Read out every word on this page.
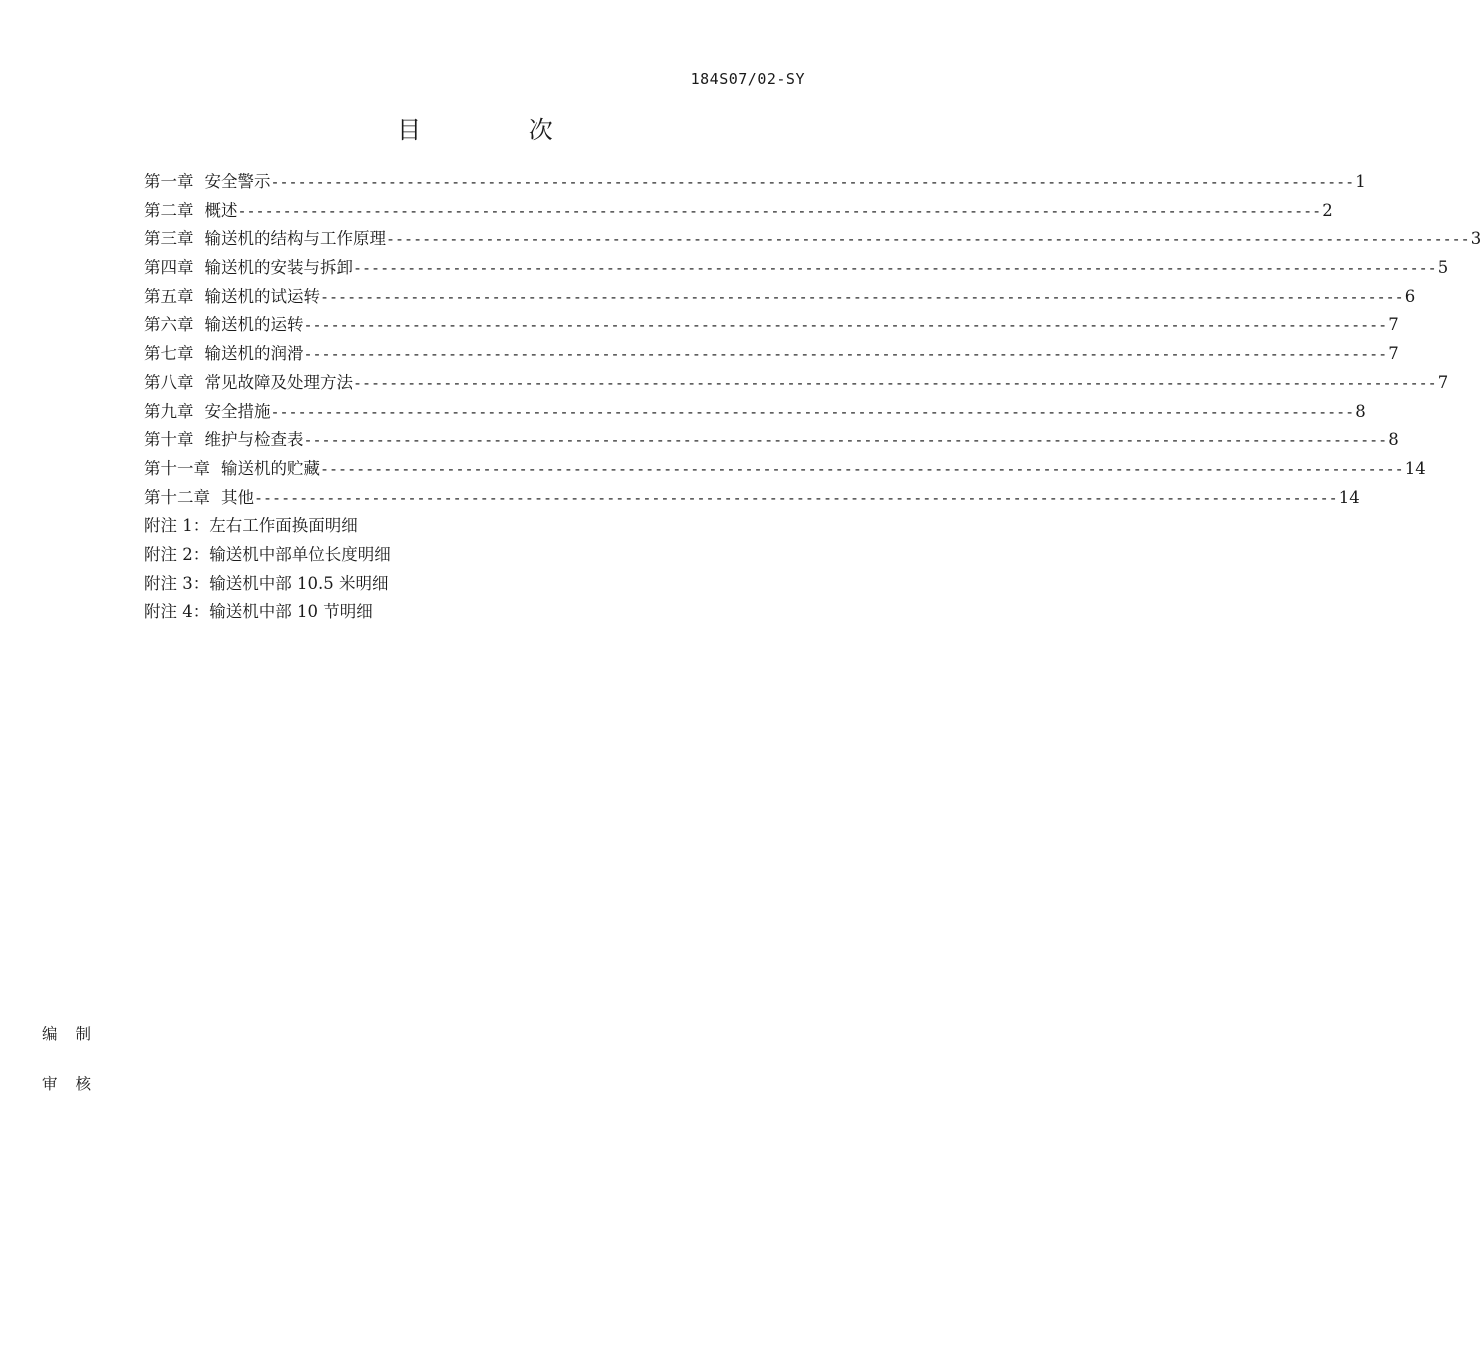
184S07/02-SY
目 次
第一章 安全警示 ------------------------------------------------------------------------------------------------------------------------ 1
第二章 概述 ------------------------------------------------------------------------------------------------------------------------ 2
第三章 输送机的结构与工作原理 ------------------------------------------------------------------------------------------------------------------------ 3
第四章 输送机的安装与拆卸 ------------------------------------------------------------------------------------------------------------------------ 5
第五章 输送机的试运转 ------------------------------------------------------------------------------------------------------------------------ 6
第六章 输送机的运转 ------------------------------------------------------------------------------------------------------------------------ 7
第七章 输送机的润滑 ------------------------------------------------------------------------------------------------------------------------ 7
第八章 常见故障及处理方法 ------------------------------------------------------------------------------------------------------------------------ 7
第九章 安全措施 ------------------------------------------------------------------------------------------------------------------------ 8
第十章 维护与检查表 ------------------------------------------------------------------------------------------------------------------------ 8
第十一章 输送机的贮藏 ------------------------------------------------------------------------------------------------------------------------ 14
第十二章 其他 ------------------------------------------------------------------------------------------------------------------------ 14
附注 1：左右工作面换面明细
附注 2：输送机中部单位长度明细
附注 3：输送机中部 10.5 米明细
附注 4：输送机中部 10 节明细
编制
审核
